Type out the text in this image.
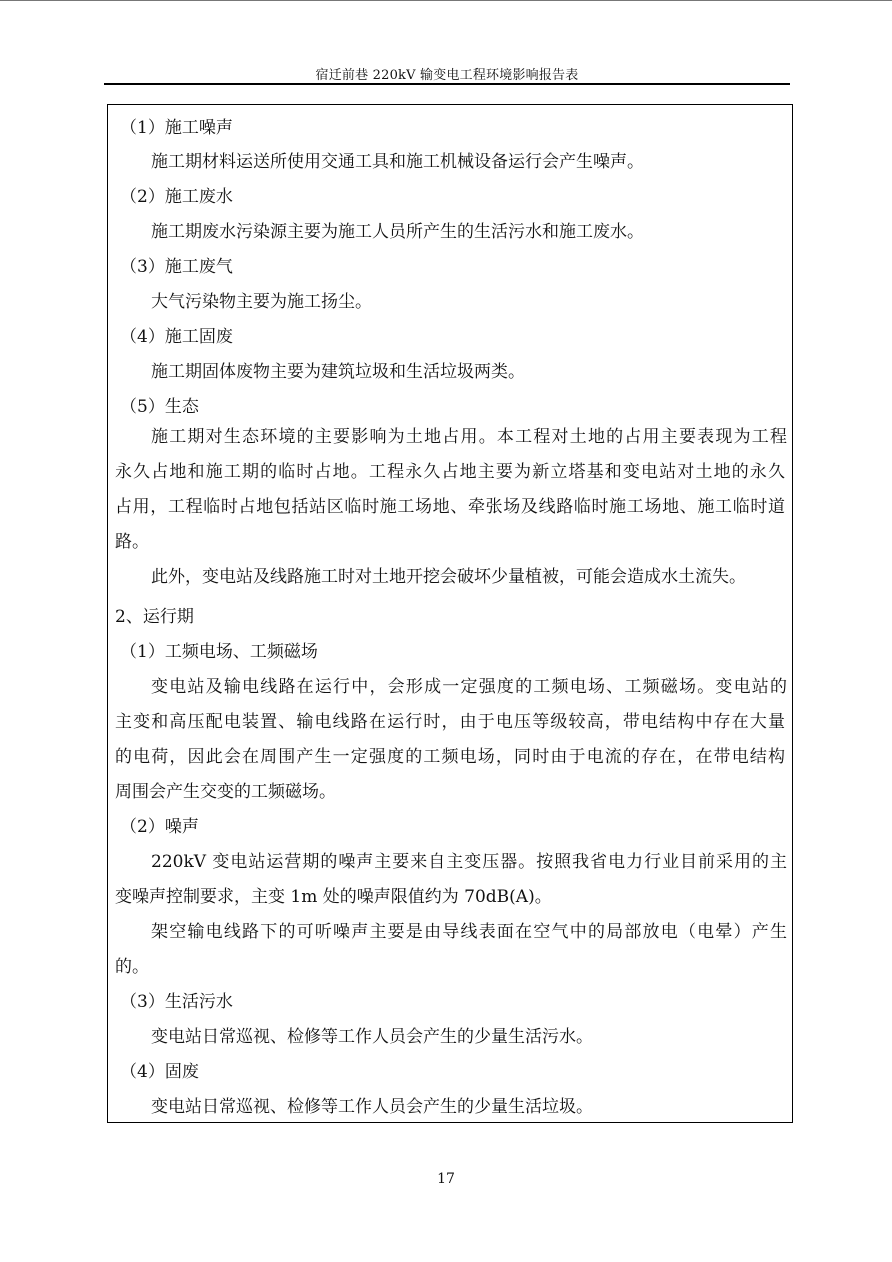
宿迁前巷 220kV 输变电工程环境影响报告表
（1）施工噪声
施工期材料运送所使用交通工具和施工机械设备运行会产生噪声。
（2）施工废水
施工期废水污染源主要为施工人员所产生的生活污水和施工废水。
（3）施工废气
大气污染物主要为施工扬尘。
（4）施工固废
施工期固体废物主要为建筑垃圾和生活垃圾两类。
（5）生态
施工期对生态环境的主要影响为土地占用。本工程对土地的占用主要表现为工程
永久占地和施工期的临时占地。工程永久占地主要为新立塔基和变电站对土地的永久
占用，工程临时占地包括站区临时施工场地、牵张场及线路临时施工场地、施工临时道
路。
此外，变电站及线路施工时对土地开挖会破坏少量植被，可能会造成水土流失。
2、运行期
（1）工频电场、工频磁场
变电站及输电线路在运行中，会形成一定强度的工频电场、工频磁场。变电站的
主变和高压配电装置、输电线路在运行时，由于电压等级较高，带电结构中存在大量
的电荷，因此会在周围产生一定强度的工频电场，同时由于电流的存在，在带电结构
周围会产生交变的工频磁场。
（2）噪声
220kV 变电站运营期的噪声主要来自主变压器。按照我省电力行业目前采用的主
变噪声控制要求，主变 1m 处的噪声限值约为 70dB(A)。
架空输电线路下的可听噪声主要是由导线表面在空气中的局部放电（电晕）产生
的。
（3）生活污水
变电站日常巡视、检修等工作人员会产生的少量生活污水。
（4）固废
变电站日常巡视、检修等工作人员会产生的少量生活垃圾。
17
